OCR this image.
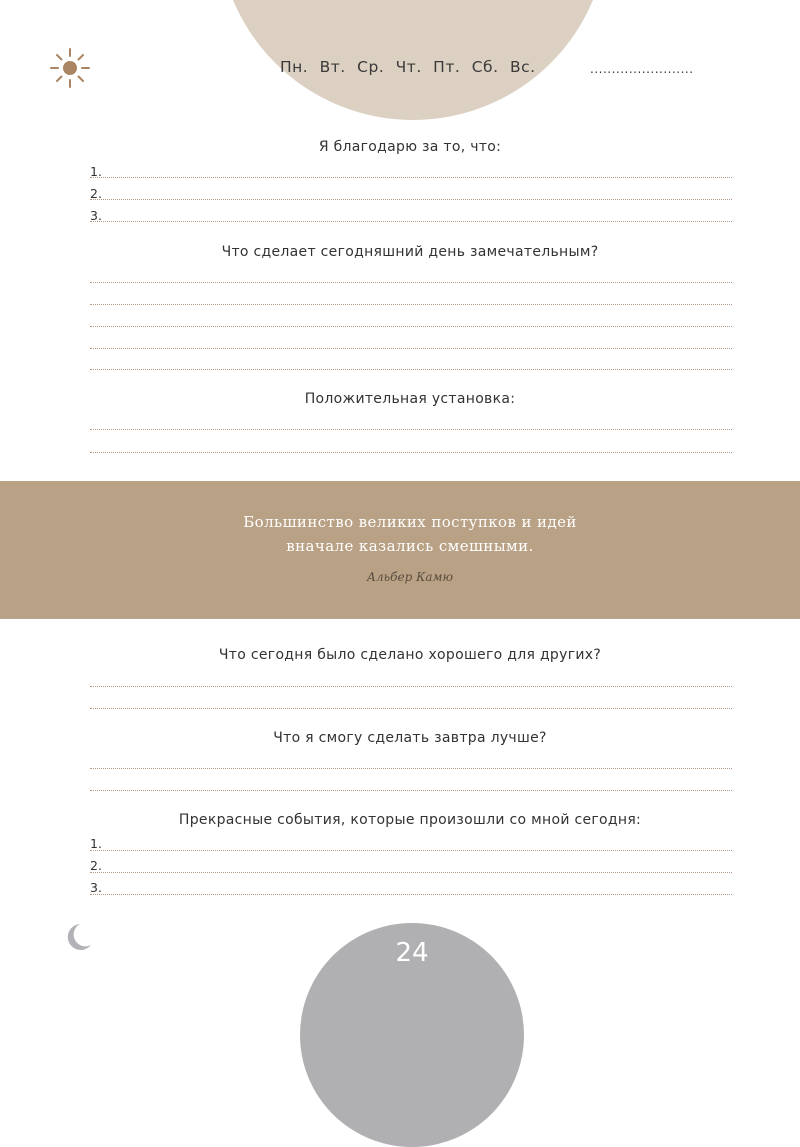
Пн. Вт. Ср. Чт. Пт. Сб. Вс.	........................
Я благодарю за то, что:
1.
2.
3.
Что сделает сегодняшний день замечательным?
Положительная установка:
Большинство великих поступков и идей
вначале казались смешными.
Альбер Камю
Что сегодня было сделано хорошего для других?
Что я смогу сделать завтра лучше?
Прекрасные события, которые произошли со мной сегодня:
1.
2.
3.
24
